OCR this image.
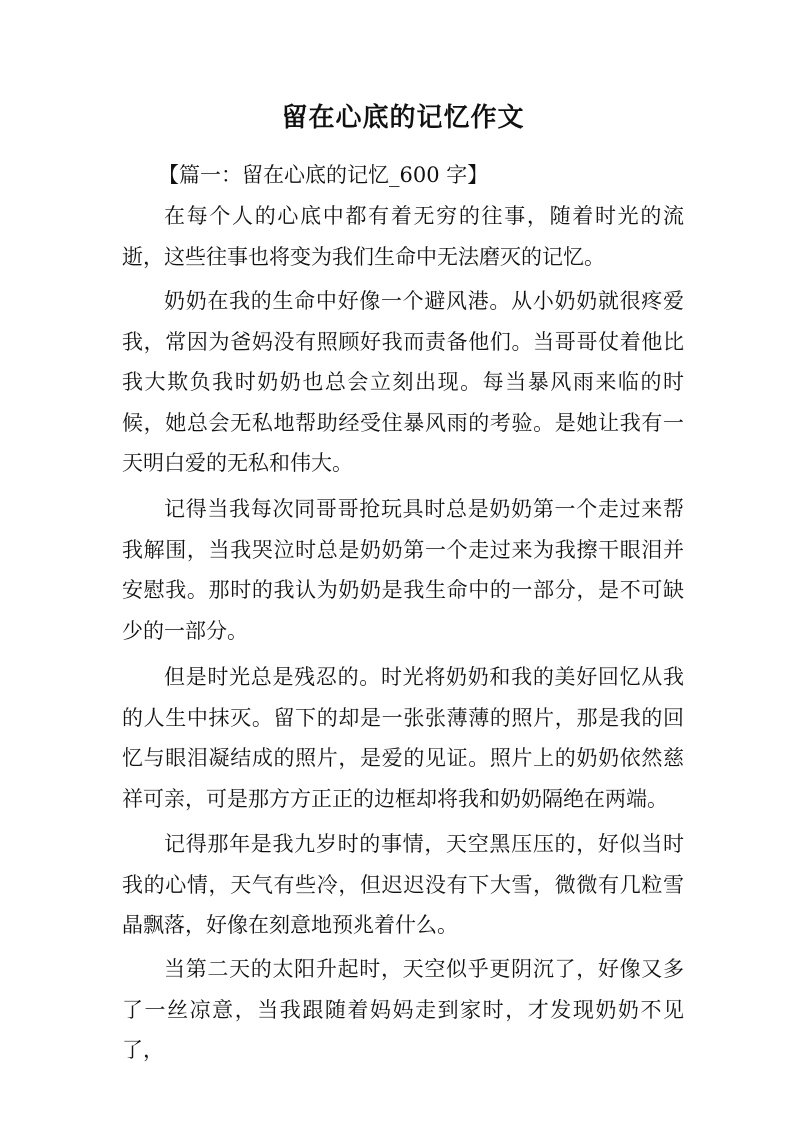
留在心底的记忆作文

【篇一：留在心底的记忆_600 字】

在每个人的心底中都有着无穷的往事，随着时光的流逝，这些往事也将变为我们生命中无法磨灭的记忆。

奶奶在我的生命中好像一个避风港。从小奶奶就很疼爱我，常因为爸妈没有照顾好我而责备他们。当哥哥仗着他比我大欺负我时奶奶也总会立刻出现。每当暴风雨来临的时候，她总会无私地帮助经受住暴风雨的考验。是她让我有一天明白爱的无私和伟大。

记得当我每次同哥哥抢玩具时总是奶奶第一个走过来帮我解围，当我哭泣时总是奶奶第一个走过来为我擦干眼泪并安慰我。那时的我认为奶奶是我生命中的一部分，是不可缺少的一部分。

但是时光总是残忍的。时光将奶奶和我的美好回忆从我的人生中抹灭。留下的却是一张张薄薄的照片，那是我的回忆与眼泪凝结成的照片，是爱的见证。照片上的奶奶依然慈祥可亲，可是那方方正正的边框却将我和奶奶隔绝在两端。

记得那年是我九岁时的事情，天空黑压压的，好似当时我的心情，天气有些冷，但迟迟没有下大雪，微微有几粒雪晶飘落，好像在刻意地预兆着什么。

当第二天的太阳升起时，天空似乎更阴沉了，好像又多了一丝凉意，当我跟随着妈妈走到家时，才发现奶奶不见了，
